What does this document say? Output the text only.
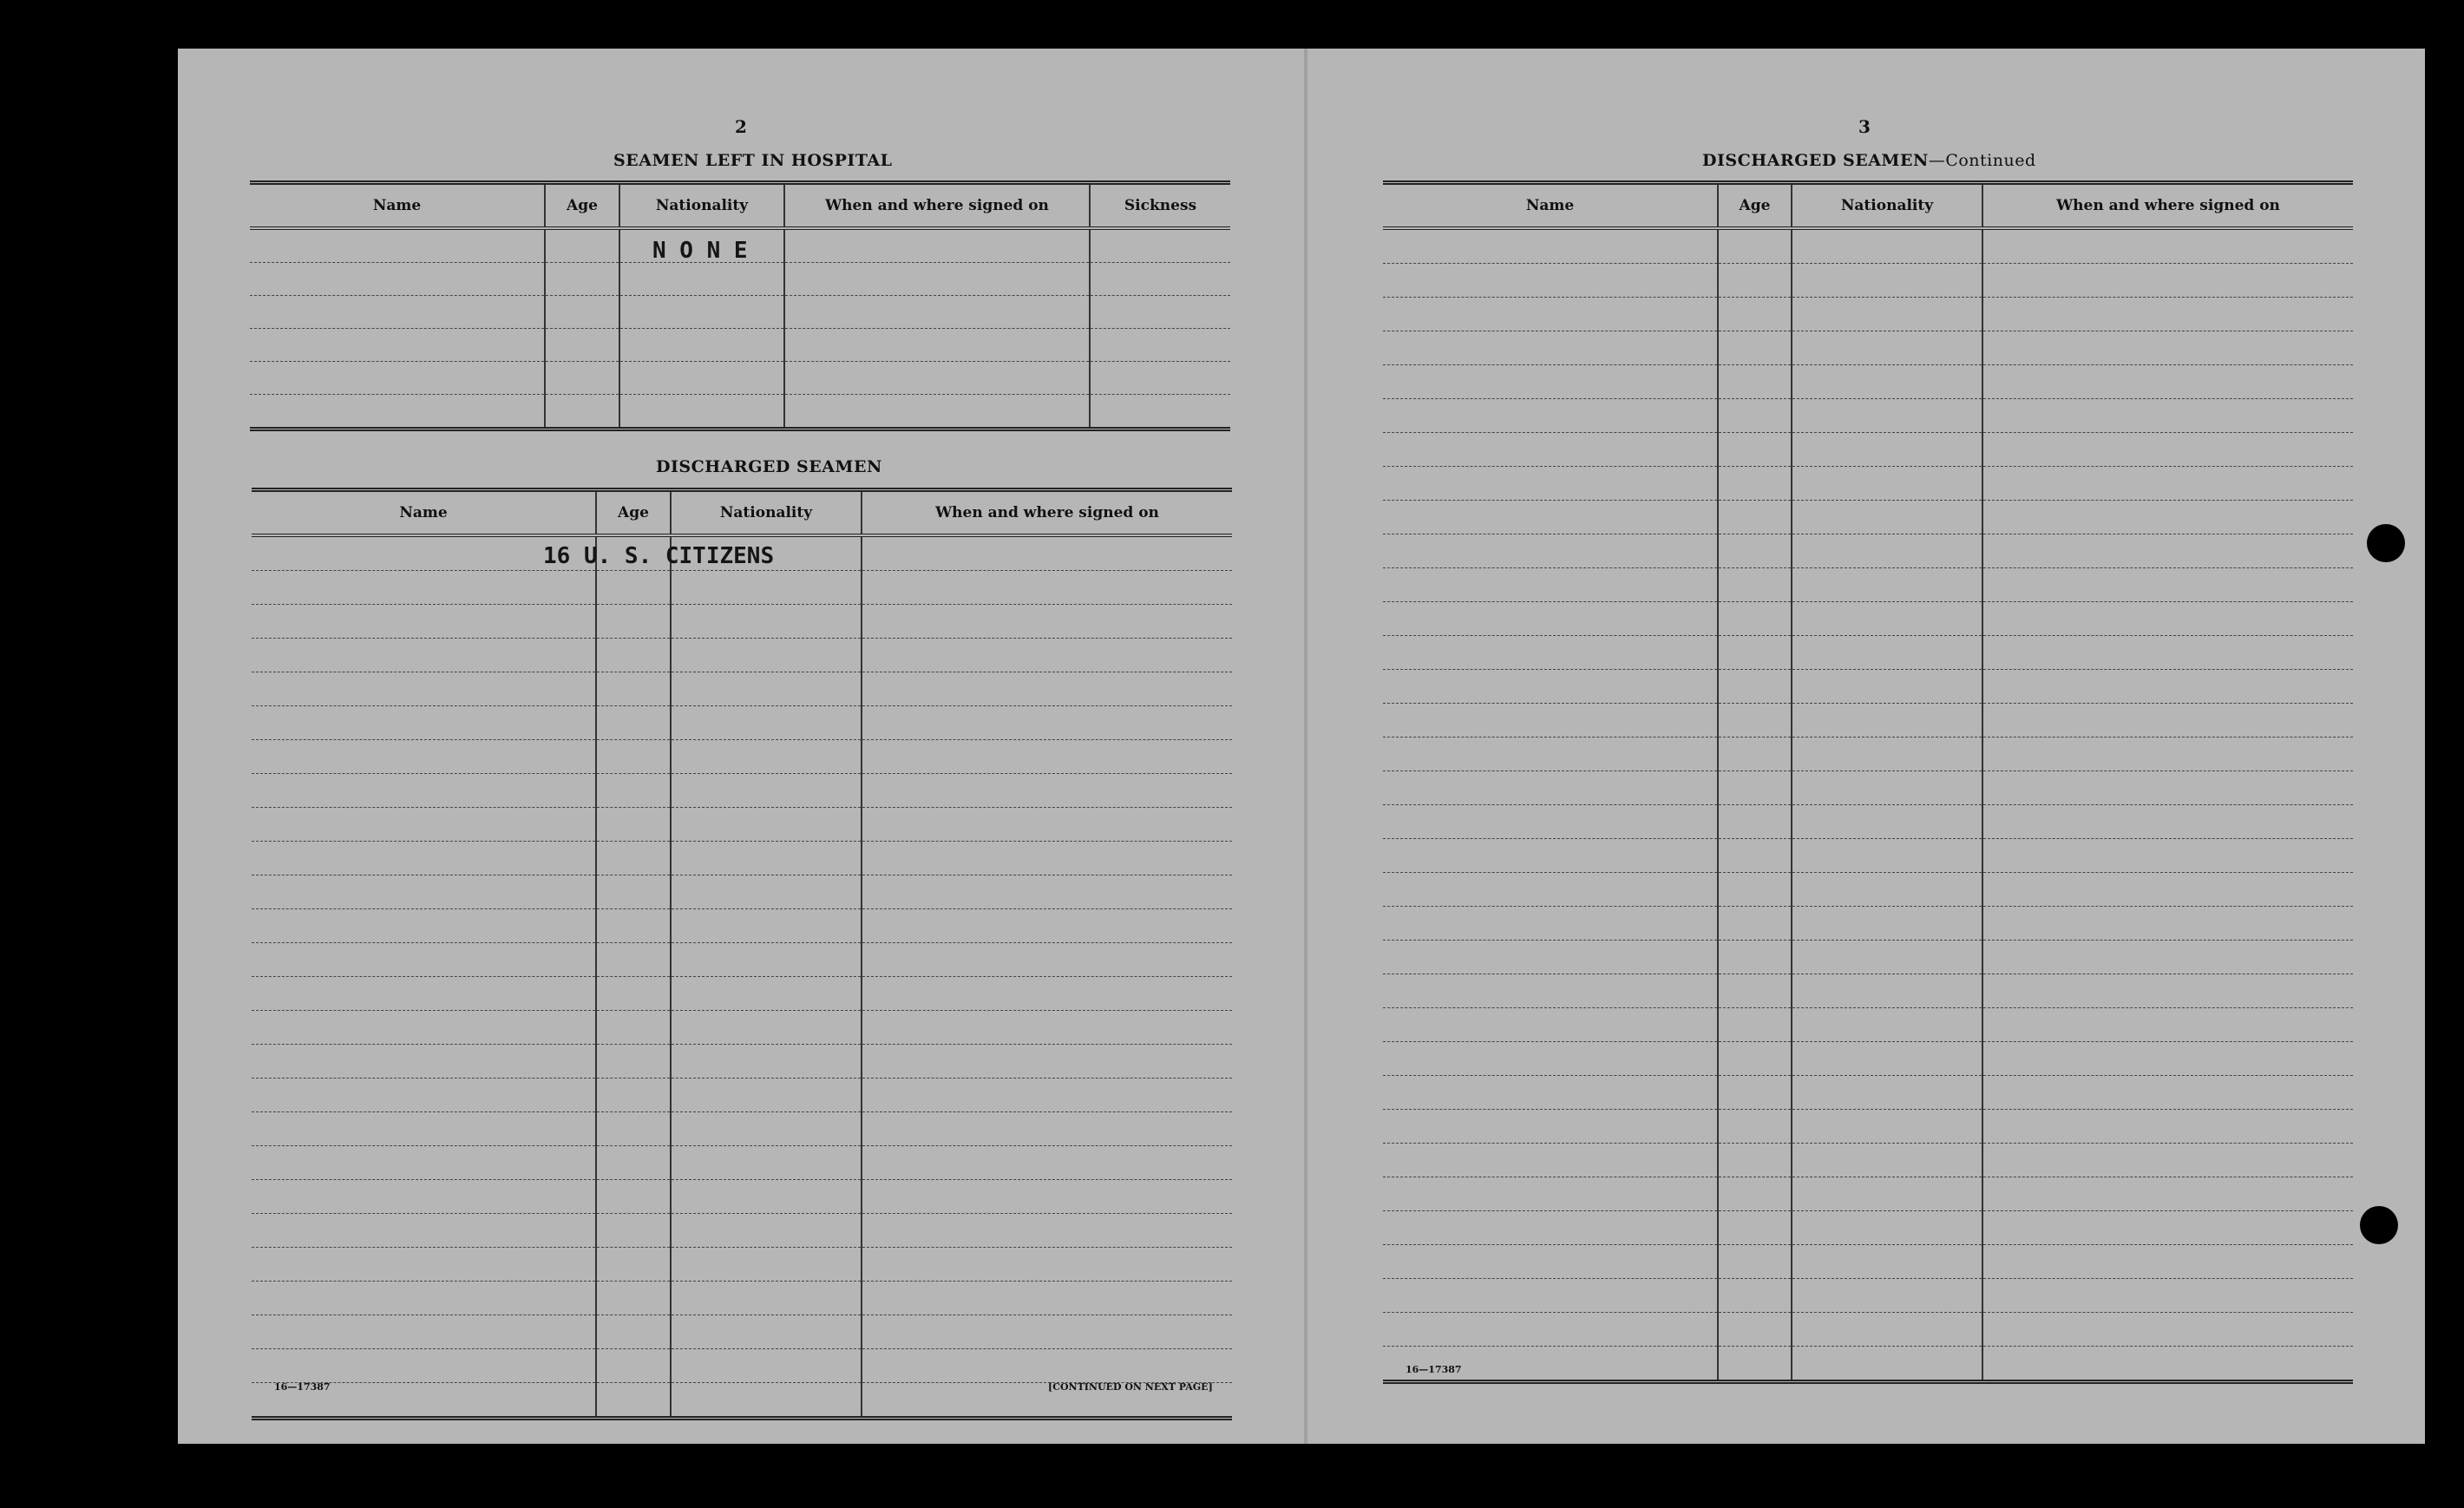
2
SEAMEN LEFT IN HOSPITAL
Name	Age	Nationality	When and where signed on	Sickness

N O N E
DISCHARGED SEAMEN
Name	Age	Nationality	When and where signed on

16 U. S. CITIZENS
16—17387	[CONTINUED ON NEXT PAGE]
3
DISCHARGED SEAMEN—Continued
Name	Age	Nationality	When and where signed on

16—17387
